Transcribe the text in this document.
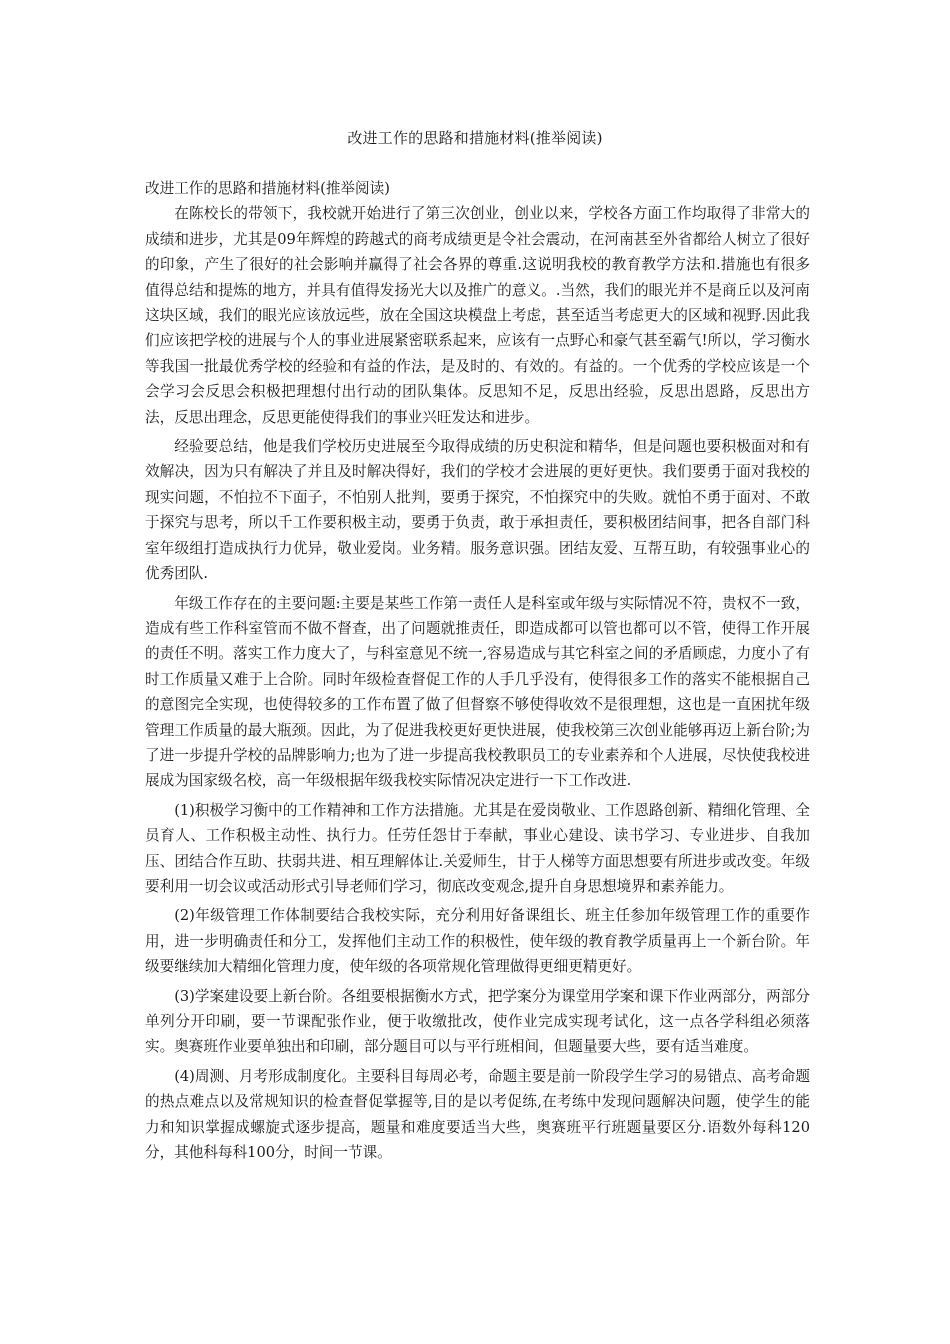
改进工作的思路和措施材料(推举阅读)

改进工作的思路和措施材料(推举阅读)

在陈校长的带领下，我校就开始进行了第三次创业，创业以来，学校各方面工作均取得了非常大的成绩和进步，尤其是09年辉煌的跨越式的商考成绩更是令社会震动，在河南甚至外省都给人树立了很好的印象，产生了很好的社会影响并赢得了社会各界的尊重.这说明我校的教育教学方法和.措施也有很多值得总结和提炼的地方，并具有值得发扬光大以及推广的意义。.当然，我们的眼光并不是商丘以及河南这块区域，我们的眼光应该放远些，放在全国这块模盘上考虑，甚至适当考虑更大的区域和视野.因此我们应该把学校的进展与个人的事业进展紧密联系起来，应该有一点野心和豪气甚至霸气!所以，学习衡水等我国一批最优秀学校的经验和有益的作法，是及时的、有效的。有益的。一个优秀的学校应该是一个会学习会反思会积极把理想付出行动的团队集体。反思知不足，反思出经验，反思出恩路，反思出方法，反思出理念，反思更能使得我们的事业兴旺发达和进步。

经验要总结，他是我们学校历史进展至今取得成绩的历史积淀和精华，但是问题也要积极面对和有效解决，因为只有解决了并且及时解决得好，我们的学校才会进展的更好更快。我们要勇于面对我校的现实问题，不怕拉不下面子，不怕别人批判，要勇于探究，不怕探究中的失败。就怕不勇于面对、不敢于探究与思考，所以千工作要积极主动，要勇于负责，敢于承担责任，要积极团结间事，把各自部门科室年级组打造成执行力优异，敬业爱岗。业务精。服务意识强。团结友爱、互帮互助，有较强事业心的优秀团队.

年级工作存在的主要问题:主要是某些工作第一责任人是科室或年级与实际情况不符，贵权不一致，造成有些工作科室管而不做不督查，出了问题就推责任，即造成都可以管也都可以不管，使得工作开展的责任不明。落实工作力度大了，与科室意见不统一,容易造成与其它科室之间的矛盾顾虑，力度小了有时工作质量又难于上合阶。同时年级检查督促工作的人手几乎没有，使得很多工作的落实不能根据自己的意图完全实现，也使得较多的工作布置了做了但督察不够使得收效不是很理想，这也是一直困扰年级管理工作质量的最大瓶颈。因此，为了促进我校更好更快进展，使我校第三次创业能够再迈上新台阶;为了进一步提升学校的品牌影响力;也为了进一步提高我校教职员工的专业素养和个人进展，尽快使我校进展成为国家级名校，高一年级根据年级我校实际情况决定进行一下工作改进.

(1)积极学习衡中的工作精神和工作方法措施。尤其是在爱岗敬业、工作恩路创新、精细化管理、全员育人、工作积极主动性、执行力。任劳任怨甘于奉献，事业心建设、读书学习、专业进步、自我加压、团结合作互助、扶弱共进、相互理解体让.关爱师生，甘于人梯等方面思想要有所进步或改变。年级要利用一切会议或活动形式引导老师们学习，彻底改变观念,提升自身思想境界和素养能力。

(2)年级管理工作体制要结合我校实际，充分利用好备课组长、班主任参加年级管理工作的重要作用，进一步明确责任和分工，发挥他们主动工作的积极性，使年级的教育教学质量再上一个新台阶。年级要继续加大精细化管理力度，使年级的各项常规化管理做得更细更精更好。

(3)学案建设要上新台阶。各组要根据衡水方式，把学案分为课堂用学案和课下作业两部分，两部分单列分开印刷，要一节课配张作业，便于收缴批改，使作业完成实现考试化，这一点各学科组必须落实。奥赛班作业要单独出和印刷，部分题目可以与平行班相间，但题量要大些，要有适当难度。

(4)周测、月考形成制度化。主要科目每周必考，命题主要是前一阶段学生学习的易错点、高考命题的热点难点以及常规知识的检查督促掌握等,目的是以考促练,在考练中发现问题解决问题，使学生的能力和知识掌握成螺旋式逐步提高，题量和难度要适当大些，奥赛班平行班题量要区分.语数外每科120分，其他科每科100分，时间一节课。
